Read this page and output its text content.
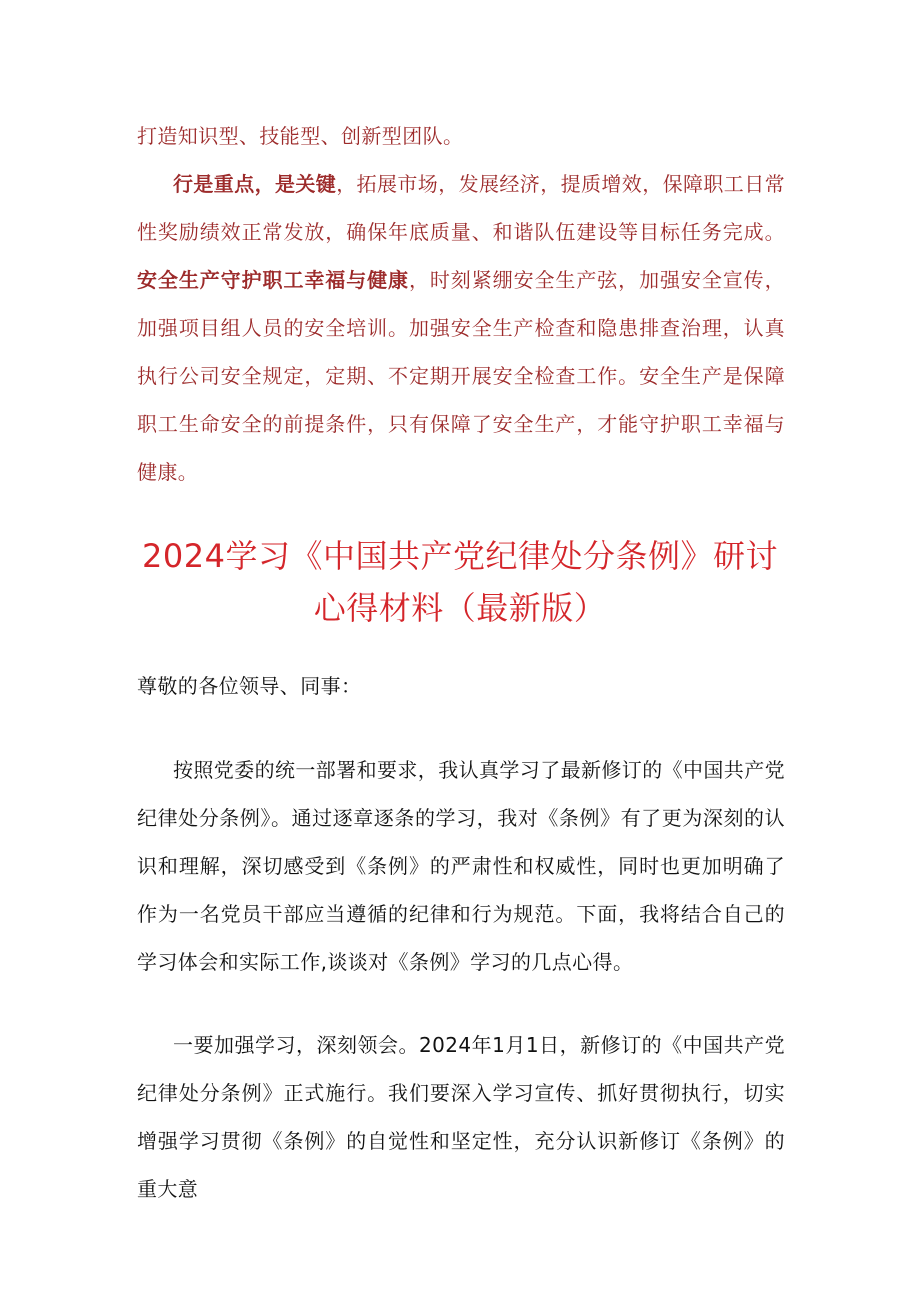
打造知识型、技能型、创新型团队。

行是重点，是关键，拓展市场，发展经济，提质增效，保障职工日常性奖励绩效正常发放，确保年底质量、和谐队伍建设等目标任务完成。安全生产守护职工幸福与健康，时刻紧绷安全生产弦，加强安全宣传，加强项目组人员的安全培训。加强安全生产检查和隐患排查治理，认真执行公司安全规定，定期、不定期开展安全检查工作。安全生产是保障职工生命安全的前提条件，只有保障了安全生产，才能守护职工幸福与健康。

2024学习《中国共产党纪律处分条例》研讨
心得材料（最新版）

尊敬的各位领导、同事：

按照党委的统一部署和要求，我认真学习了最新修订的《中国共产党纪律处分条例》。通过逐章逐条的学习，我对《条例》有了更为深刻的认识和理解，深切感受到《条例》的严肃性和权威性，同时也更加明确了作为一名党员干部应当遵循的纪律和行为规范。下面，我将结合自己的学习体会和实际工作,谈谈对《条例》学习的几点心得。

一要加强学习，深刻领会。2024年1月1日，新修订的《中国共产党纪律处分条例》正式施行。我们要深入学习宣传、抓好贯彻执行，切实增强学习贯彻《条例》的自觉性和坚定性，充分认识新修订《条例》的重大意
